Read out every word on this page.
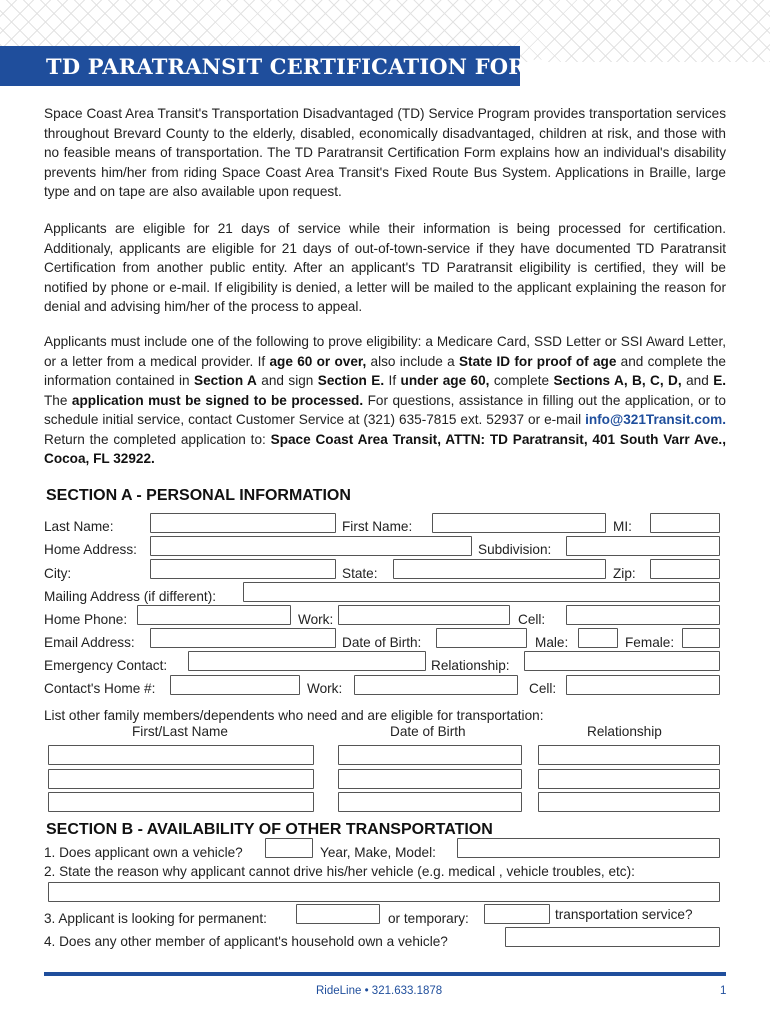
TD PARATRANSIT CERTIFICATION FORM
Space Coast Area Transit's Transportation Disadvantaged (TD) Service Program provides transportation services throughout Brevard County to the elderly, disabled, economically disadvantaged, children at risk, and those with no feasible means of transportation. The TD Paratransit Certification Form explains how an individual's disability prevents him/her from riding Space Coast Area Transit's Fixed Route Bus System. Applications in Braille, large type and on tape are also available upon request.
Applicants are eligible for 21 days of service while their information is being processed for certification. Additionaly, applicants are eligible for 21 days of out-of-town-service if they have documented TD Paratransit Certification from another public entity. After an applicant's TD Paratransit eligibility is certified, they will be notified by phone or e-mail. If eligibility is denied, a letter will be mailed to the applicant explaining the reason for denial and advising him/her of the process to appeal.
Applicants must include one of the following to prove eligibility: a Medicare Card, SSD Letter or SSI Award Letter, or a letter from a medical provider. If age 60 or over, also include a State ID for proof of age and complete the information contained in Section A and sign Section E. If under age 60, complete Sections A, B, C, D, and E. The application must be signed to be processed. For questions, assistance in filling out the application, or to schedule initial service, contact Customer Service at (321) 635-7815 ext. 52937 or e-mail info@321Transit.com. Return the completed application to: Space Coast Area Transit, ATTN: TD Paratransit, 401 South Varr Ave., Cocoa, FL 32922.
SECTION A - PERSONAL INFORMATION
Last Name:	First Name:	MI:
Home Address:	Subdivision:
City:	State:	Zip:
Mailing Address (if different):
Home Phone:	Work:	Cell:
Email Address:	Date of Birth:	Male:	Female:
Emergency Contact:	Relationship:
Contact's Home #:	Work:	Cell:
List other family members/dependents who need and are eligible for transportation:
First/Last Name	Date of Birth	Relationship
SECTION B - AVAILABILITY OF OTHER TRANSPORTATION
1. Does applicant own a vehicle?	Year, Make, Model:
2. State the reason why applicant cannot drive his/her vehicle (e.g. medical , vehicle troubles, etc):
3. Applicant is looking for permanent:	or temporary:	transportation service?
4. Does any other member of applicant's household own a vehicle?
RideLine • 321.633.1878	1
